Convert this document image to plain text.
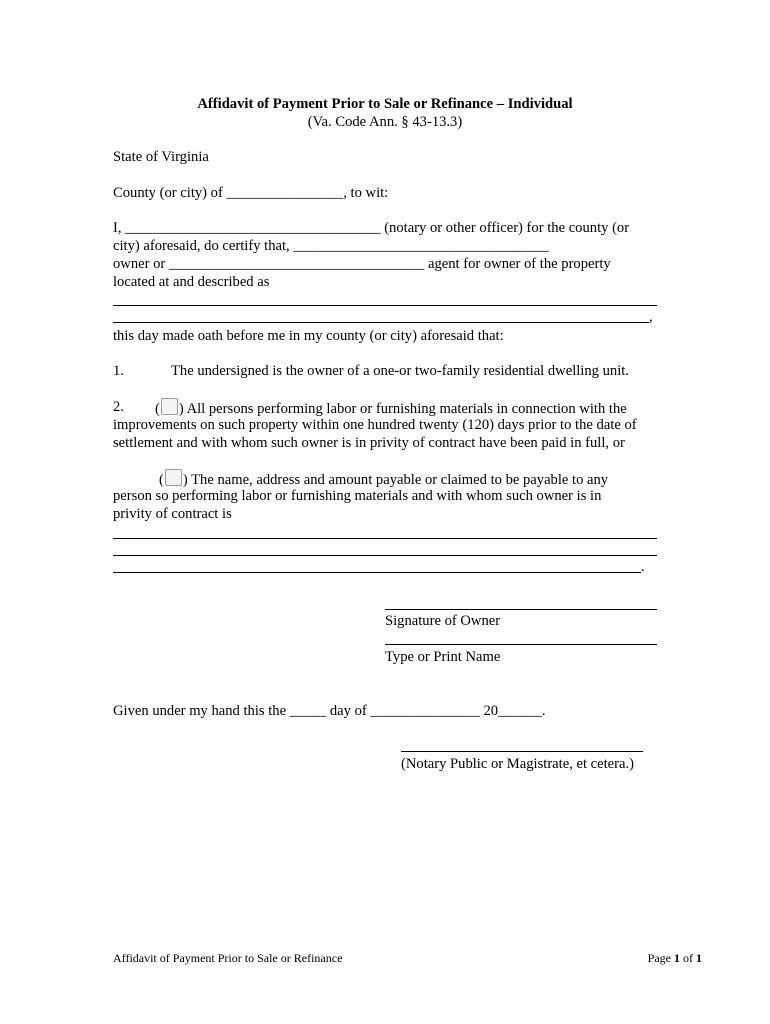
Affidavit of Payment Prior to Sale or Refinance – Individual
(Va. Code Ann. § 43-13.3)
State of Virginia
County (or city) of ________________, to wit:
I, ___________________________________ (notary or other officer) for the county (or
city) aforesaid, do certify that, ___________________________________
owner or ___________________________________ agent for owner of the property
located at and described as
,
this day made oath before me in my county (or city) aforesaid that:
1.	The undersigned is the owner of a one-or two-family residential dwelling unit.
2. ( ) All persons performing labor or furnishing materials in connection with the
improvements on such property within one hundred twenty (120) days prior to the date of
settlement and with whom such owner is in privity of contract have been paid in full, or
( ) The name, address and amount payable or claimed to be payable to any
person so performing labor or furnishing materials and with whom such owner is in
privity of contract is
.
Signature of Owner
Type or Print Name
Given under my hand this the _____ day of _______________ 20______.
(Notary Public or Magistrate, et cetera.)
Affidavit of Payment Prior to Sale or Refinance	Page 1 of 1
